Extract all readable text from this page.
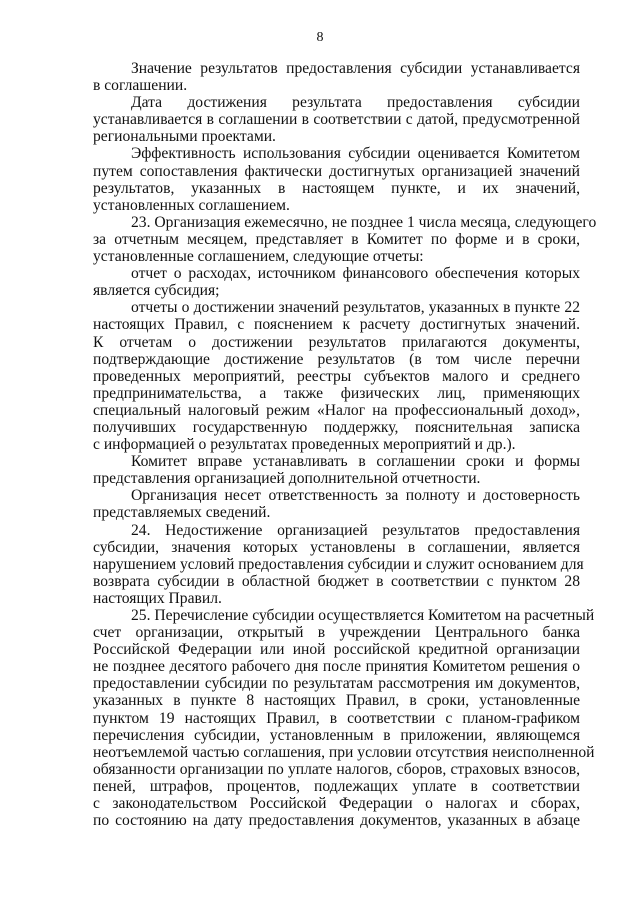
8
Значение результатов предоставления субсидии устанавливается
в соглашении.
Дата достижения результата предоставления субсидии
устанавливается в соглашении в соответствии с датой, предусмотренной
региональными проектами.
Эффективность использования субсидии оценивается Комитетом
путем сопоставления фактически достигнутых организацией значений
результатов, указанных в настоящем пункте, и их значений,
установленных соглашением.
23. Организация ежемесячно, не позднее 1 числа месяца, следующего
за отчетным месяцем, представляет в Комитет по форме и в сроки,
установленные соглашением, следующие отчеты:
отчет о расходах, источником финансового обеспечения которых
является субсидия;
отчеты о достижении значений результатов, указанных в пункте 22
настоящих Правил, с пояснением к расчету достигнутых значений.
К отчетам о достижении результатов прилагаются документы,
подтверждающие достижение результатов (в том числе перечни
проведенных мероприятий, реестры субъектов малого и среднего
предпринимательства, а также физических лиц, применяющих
специальный налоговый режим «Налог на профессиональный доход»,
получивших государственную поддержку, пояснительная записка
с информацией о результатах проведенных мероприятий и др.).
Комитет вправе устанавливать в соглашении сроки и формы
представления организацией дополнительной отчетности.
Организация несет ответственность за полноту и достоверность
представляемых сведений.
24. Недостижение организацией результатов предоставления
субсидии, значения которых установлены в соглашении, является
нарушением условий предоставления субсидии и служит основанием для
возврата субсидии в областной бюджет в соответствии с пунктом 28
настоящих Правил.
25. Перечисление субсидии осуществляется Комитетом на расчетный
счет организации, открытый в учреждении Центрального банка
Российской Федерации или иной российской кредитной организации
не позднее десятого рабочего дня после принятия Комитетом решения о
предоставлении субсидии по результатам рассмотрения им документов,
указанных в пункте 8 настоящих Правил, в сроки, установленные
пунктом 19 настоящих Правил, в соответствии с планом-графиком
перечисления субсидии, установленным в приложении, являющемся
неотъемлемой частью соглашения, при условии отсутствия неисполненной
обязанности организации по уплате налогов, сборов, страховых взносов,
пеней, штрафов, процентов, подлежащих уплате в соответствии
с законодательством Российской Федерации о налогах и сборах,
по состоянию на дату предоставления документов, указанных в абзаце
